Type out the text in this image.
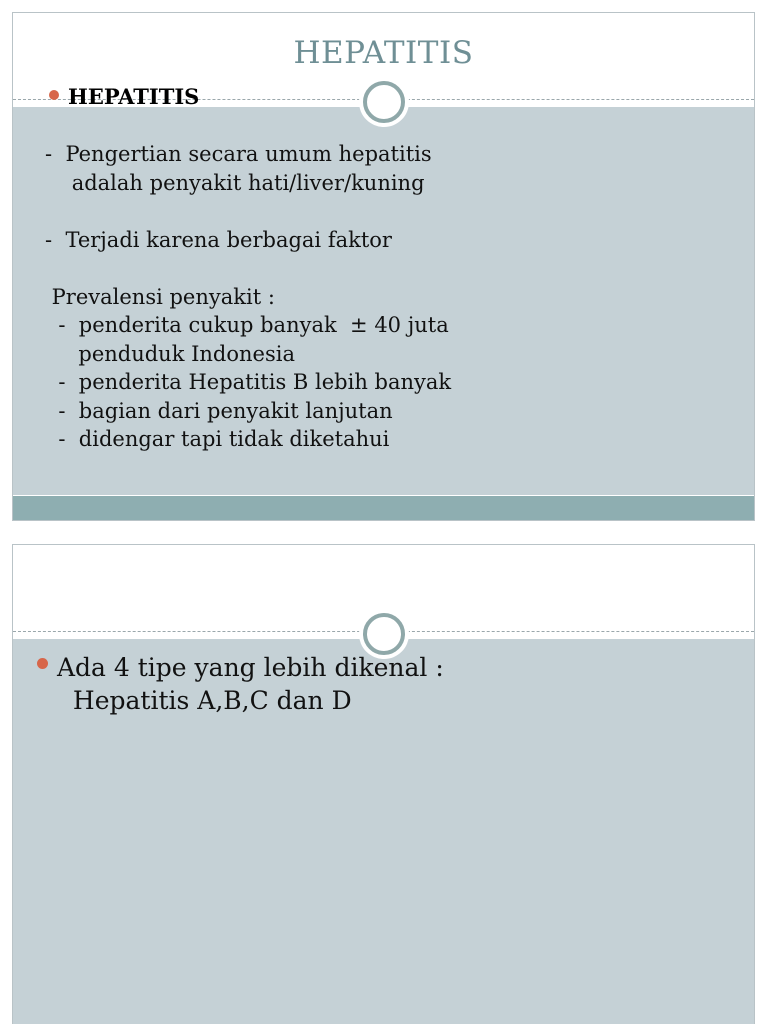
HEPATITIS
HEPATITIS
-  Pengertian secara umum hepatitis
adalah penyakit hati/liver/kuning

-  Terjadi karena berbagai faktor

Prevalensi penyakit :
-  penderita cukup banyak  ± 40 juta
penduduk Indonesia
-  penderita Hepatitis B lebih banyak
-  bagian dari penyakit lanjutan
-  didengar tapi tidak diketahui

Ada 4 tipe yang lebih dikenal :
Hepatitis A,B,C dan D
